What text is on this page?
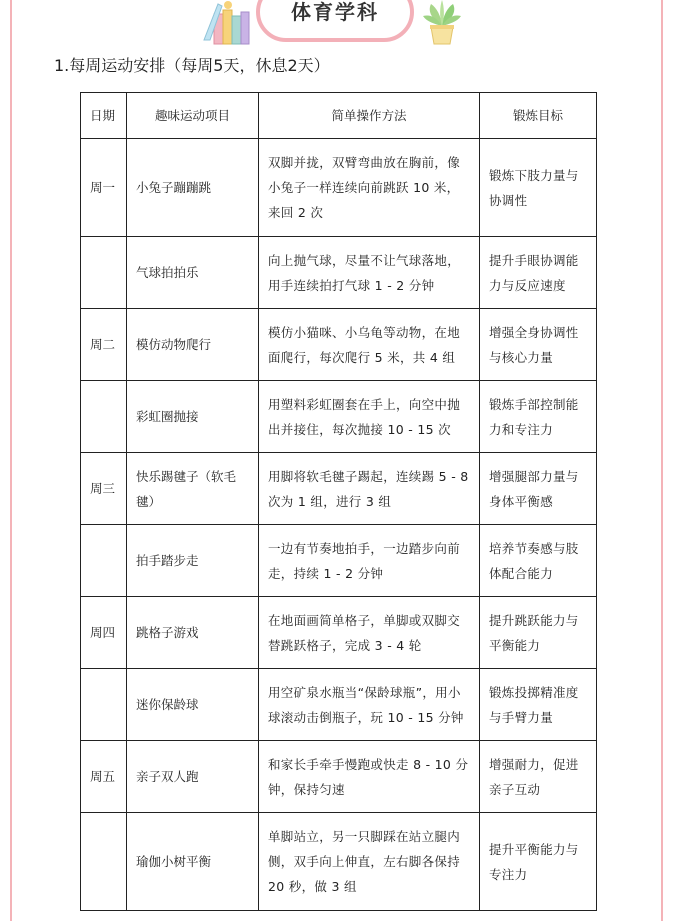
体育学科
1.每周运动安排（每周5天，休息2天）
日期	趣味运动项目	简单操作方法	锻炼目标
周一	小兔子蹦蹦跳	双脚并拢，双臂弯曲放在胸前，像小兔子一样连续向前跳跃 10 米，来回 2 次	锻炼下肢力量与协调性
	气球拍拍乐	向上抛气球，尽量不让气球落地，用手连续拍打气球 1 - 2 分钟	提升手眼协调能力与反应速度
周二	模仿动物爬行	模仿小猫咪、小乌龟等动物，在地面爬行，每次爬行 5 米，共 4 组	增强全身协调性与核心力量
	彩虹圈抛接	用塑料彩虹圈套在手上，向空中抛出并接住，每次抛接 10 - 15 次	锻炼手部控制能力和专注力
周三	快乐踢毽子（软毛毽）	用脚将软毛毽子踢起，连续踢 5 - 8 次为 1 组，进行 3 组	增强腿部力量与身体平衡感
	拍手踏步走	一边有节奏地拍手，一边踏步向前走，持续 1 - 2 分钟	培养节奏感与肢体配合能力
周四	跳格子游戏	在地面画简单格子，单脚或双脚交替跳跃格子，完成 3 - 4 轮	提升跳跃能力与平衡能力
	迷你保龄球	用空矿泉水瓶当“保龄球瓶”，用小球滚动击倒瓶子，玩 10 - 15 分钟	锻炼投掷精准度与手臂力量
周五	亲子双人跑	和家长手牵手慢跑或快走 8 - 10 分钟，保持匀速	增强耐力，促进亲子互动
	瑜伽小树平衡	单脚站立，另一只脚踩在站立腿内侧，双手向上伸直，左右脚各保持 20 秒，做 3 组	提升平衡能力与专注力
